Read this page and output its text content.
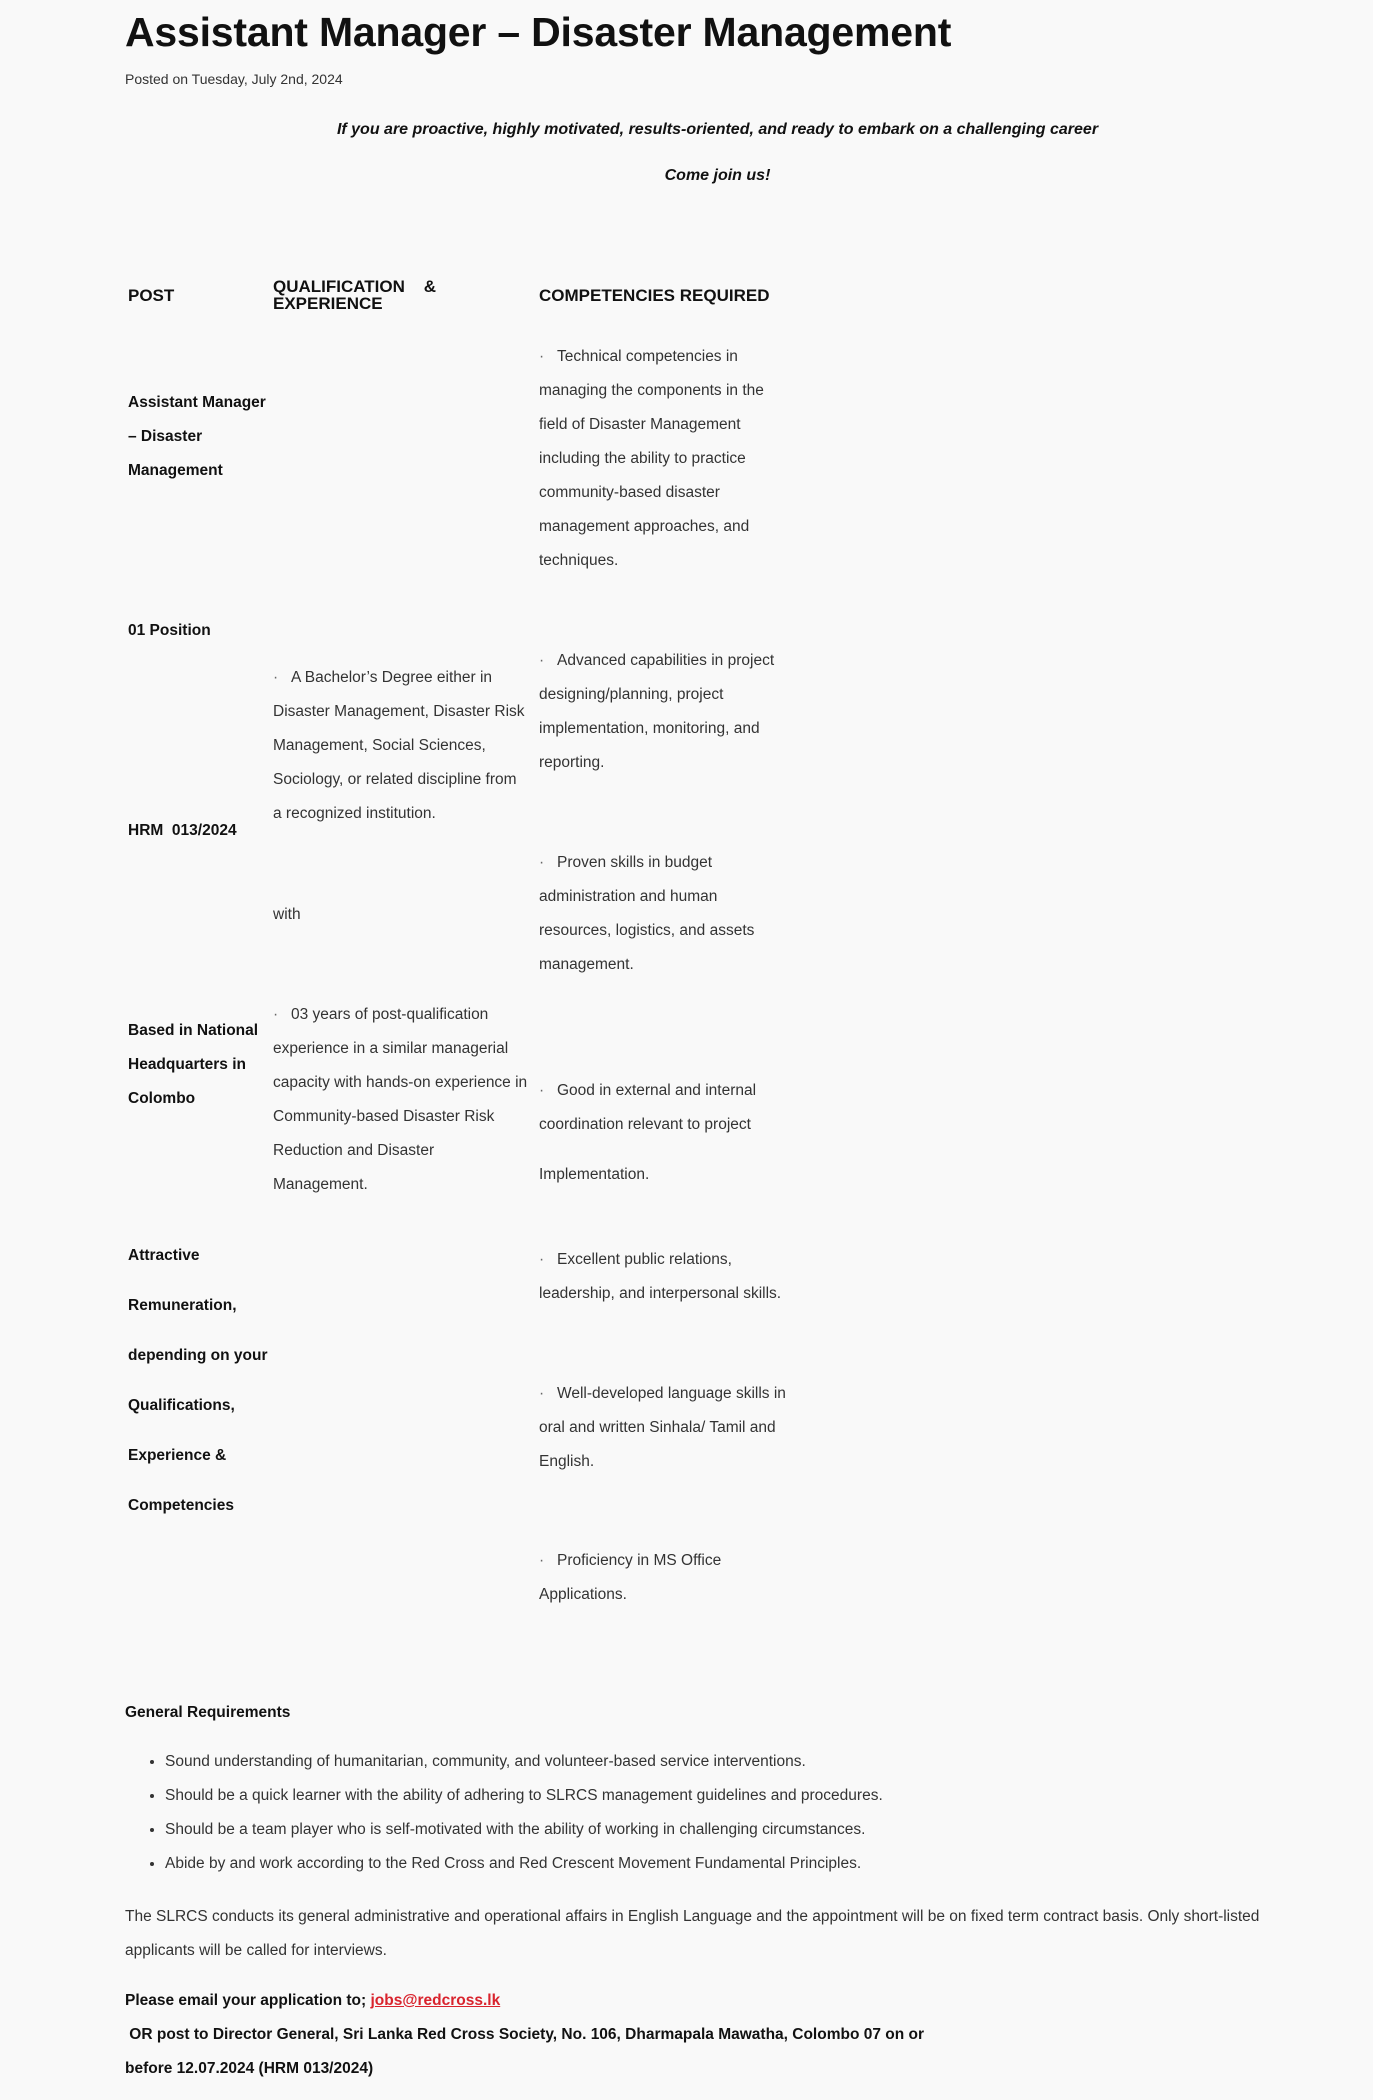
Assistant Manager – Disaster Management
Posted on Tuesday, July 2nd, 2024
If you are proactive, highly motivated, results-oriented, and ready to embark on a challenging career
Come join us!
POST	QUALIFICATION    &
EXPERIENCE	COMPETENCIES REQUIRED
Assistant Manager
– Disaster
Management
01 Position
HRM  013/2024
Based in National
Headquarters in
Colombo
Attractive
Remuneration,
depending on your
Qualifications,
Experience &
Competencies
· A Bachelor’s Degree either in
Disaster Management, Disaster Risk
Management, Social Sciences,
Sociology, or related discipline from
a recognized institution.
with
· 03 years of post-qualification
experience in a similar managerial
capacity with hands-on experience in
Community-based Disaster Risk
Reduction and Disaster
Management.
· Technical competencies in
managing the components in the
field of Disaster Management
including the ability to practice
community-based disaster
management approaches, and
techniques.
· Advanced capabilities in project
designing/planning, project
implementation, monitoring, and
reporting.
· Proven skills in budget
administration and human
resources, logistics, and assets
management.
· Good in external and internal
coordination relevant to project
Implementation.
· Excellent public relations,
leadership, and interpersonal skills.
· Well-developed language skills in
oral and written Sinhala/ Tamil and
English.
· Proficiency in MS Office
Applications.
General Requirements
• Sound understanding of humanitarian, community, and volunteer-based service interventions.
• Should be a quick learner with the ability of adhering to SLRCS management guidelines and procedures.
• Should be a team player who is self-motivated with the ability of working in challenging circumstances.
• Abide by and work according to the Red Cross and Red Crescent Movement Fundamental Principles.
The SLRCS conducts its general administrative and operational affairs in English Language and the appointment will be on fixed term contract basis. Only short-listed
applicants will be called for interviews.
Please email your application to; jobs@redcross.lk OR post to Director General, Sri Lanka Red Cross Society, No. 106, Dharmapala Mawatha, Colombo 07 on or
before 12.07.2024 (HRM 013/2024)
